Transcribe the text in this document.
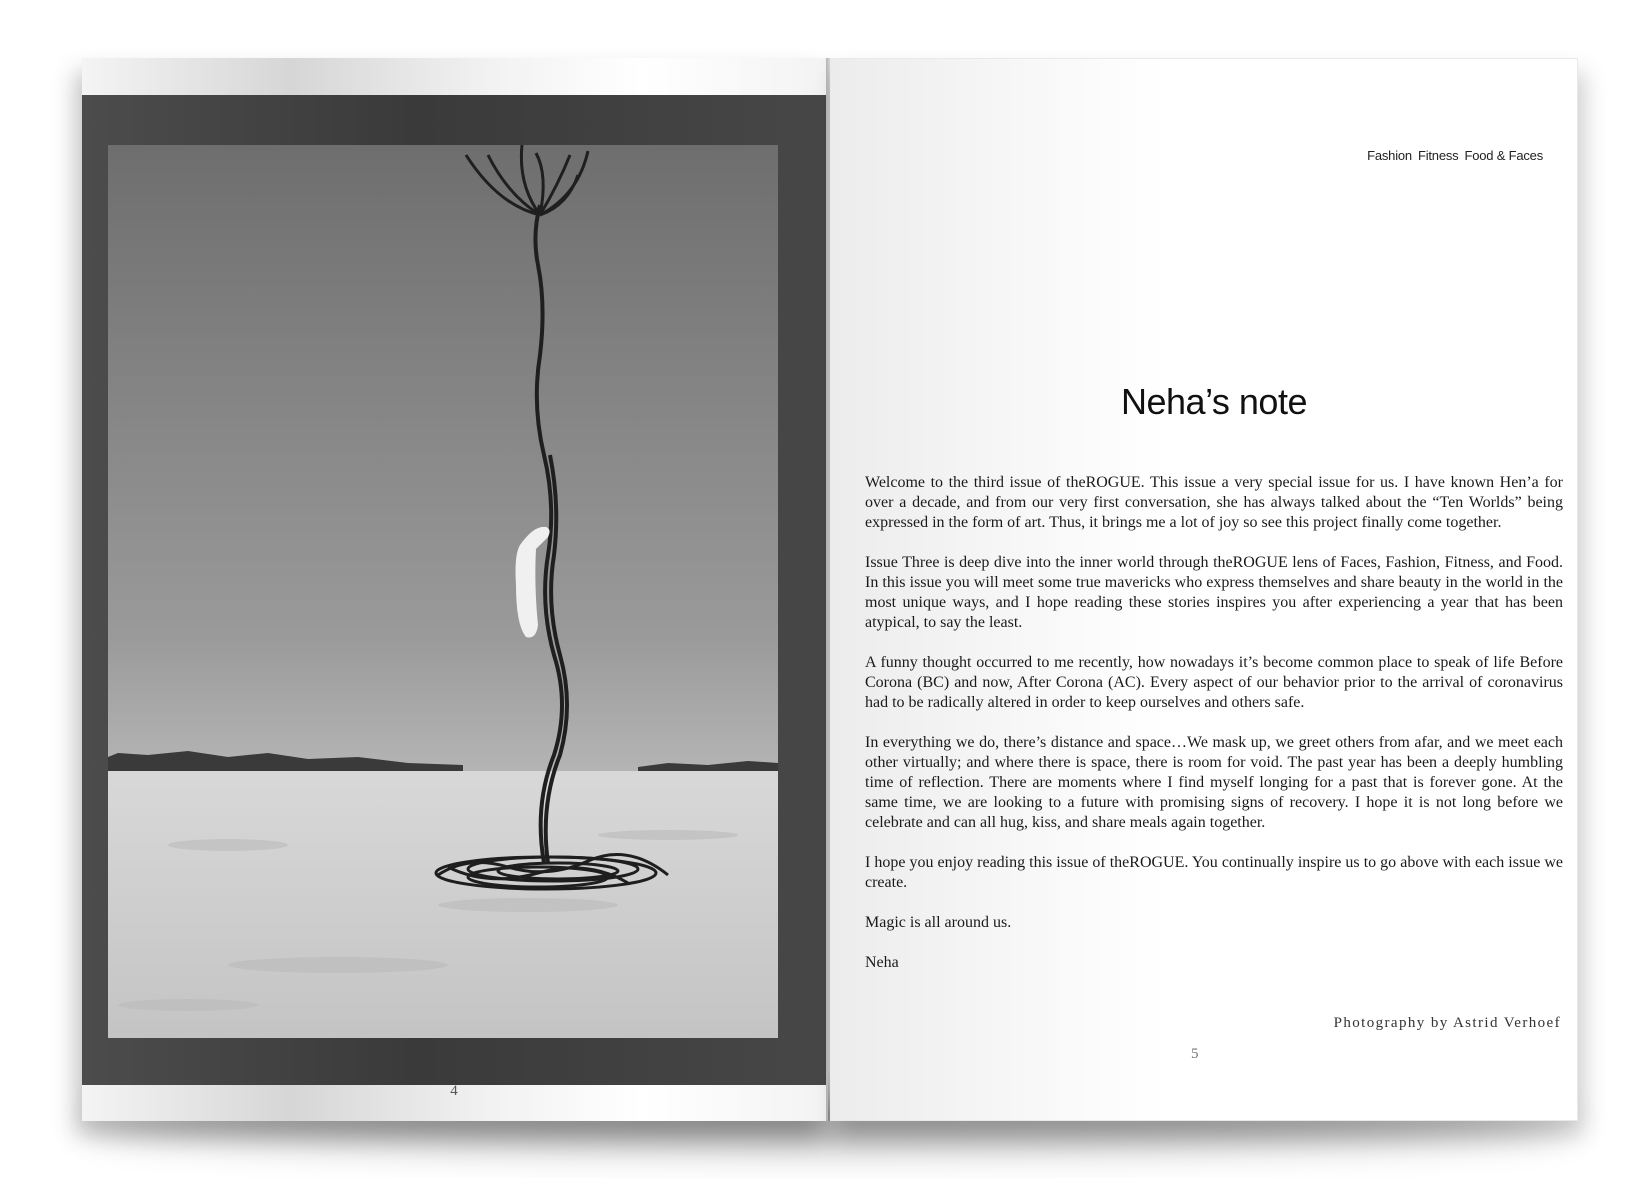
4
Fashion Fitness Food & Faces
Neha’s note

Welcome to the third issue of theROGUE. This issue a very special issue for us. I have known Hen’a for over a decade, and from our very first conversation, she has always talked about the “Ten Worlds” being expressed in the form of art. Thus, it brings me a lot of joy so see this project finally come together.

Issue Three is deep dive into the inner world through theROGUE lens of Faces, Fashion, Fitness, and Food. In this issue you will meet some true mavericks who express themselves and share beauty in the world in the most unique ways, and I hope reading these stories inspires you after experiencing a year that has been atypical, to say the least.

A funny thought occurred to me recently, how nowadays it’s become common place to speak of life Before Corona (BC) and now, After Corona (AC). Every aspect of our behavior prior to the arrival of coronavirus had to be radically altered in order to keep ourselves and others safe.

In everything we do, there’s distance and space…We mask up, we greet others from afar, and we meet each other virtually; and where there is space, there is room for void. The past year has been a deeply humbling time of reflection. There are moments where I find myself longing for a past that is forever gone. At the same time, we are looking to a future with promising signs of recovery. I hope it is not long before we celebrate and can all hug, kiss, and share meals again together.

I hope you enjoy reading this issue of theROGUE. You continually inspire us to go above with each issue we create.

Magic is all around us.

Neha

Photography by Astrid Verhoef
5
